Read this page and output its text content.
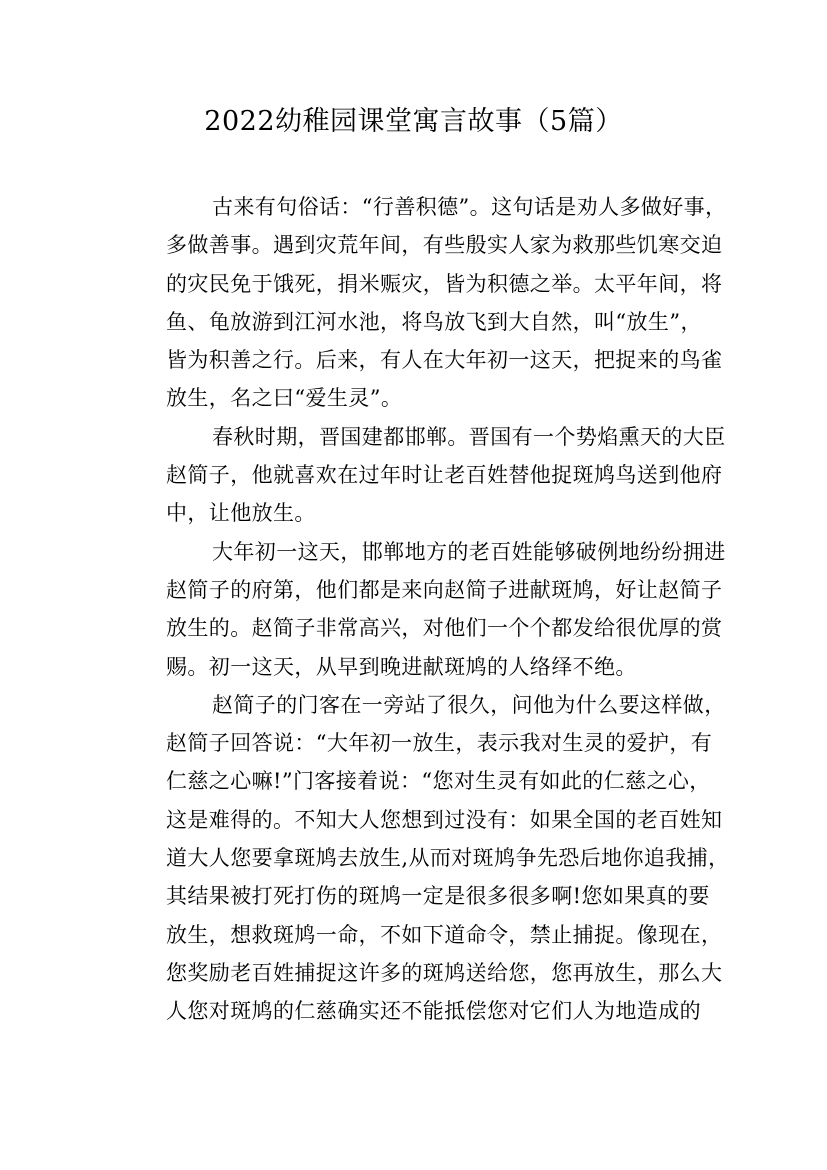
2022幼稚园课堂寓言故事（5篇）
古来有句俗话：“行善积德”。这句话是劝人多做好事，
多做善事。遇到灾荒年间，有些殷实人家为救那些饥寒交迫
的灾民免于饿死，捐米赈灾，皆为积德之举。太平年间，将
鱼、龟放游到江河水池，将鸟放飞到大自然，叫“放生”，
皆为积善之行。后来，有人在大年初一这天，把捉来的鸟雀
放生，名之曰“爱生灵”。
春秋时期，晋国建都邯郸。晋国有一个势焰熏天的大臣
赵简子，他就喜欢在过年时让老百姓替他捉斑鸠鸟送到他府
中，让他放生。
大年初一这天，邯郸地方的老百姓能够破例地纷纷拥进
赵简子的府第，他们都是来向赵简子进献斑鸠，好让赵简子
放生的。赵简子非常高兴，对他们一个个都发给很优厚的赏
赐。初一这天，从早到晚进献斑鸠的人络绎不绝。
赵简子的门客在一旁站了很久，问他为什么要这样做，
赵简子回答说：“大年初一放生，表示我对生灵的爱护，有
仁慈之心嘛!”门客接着说：“您对生灵有如此的仁慈之心，
这是难得的。不知大人您想到过没有：如果全国的老百姓知
道大人您要拿斑鸠去放生,从而对斑鸠争先恐后地你追我捕，
其结果被打死打伤的斑鸠一定是很多很多啊!您如果真的要
放生，想救斑鸠一命，不如下道命令，禁止捕捉。像现在，
您奖励老百姓捕捉这许多的斑鸠送给您，您再放生，那么大
人您对斑鸠的仁慈确实还不能抵偿您对它们人为地造成的
